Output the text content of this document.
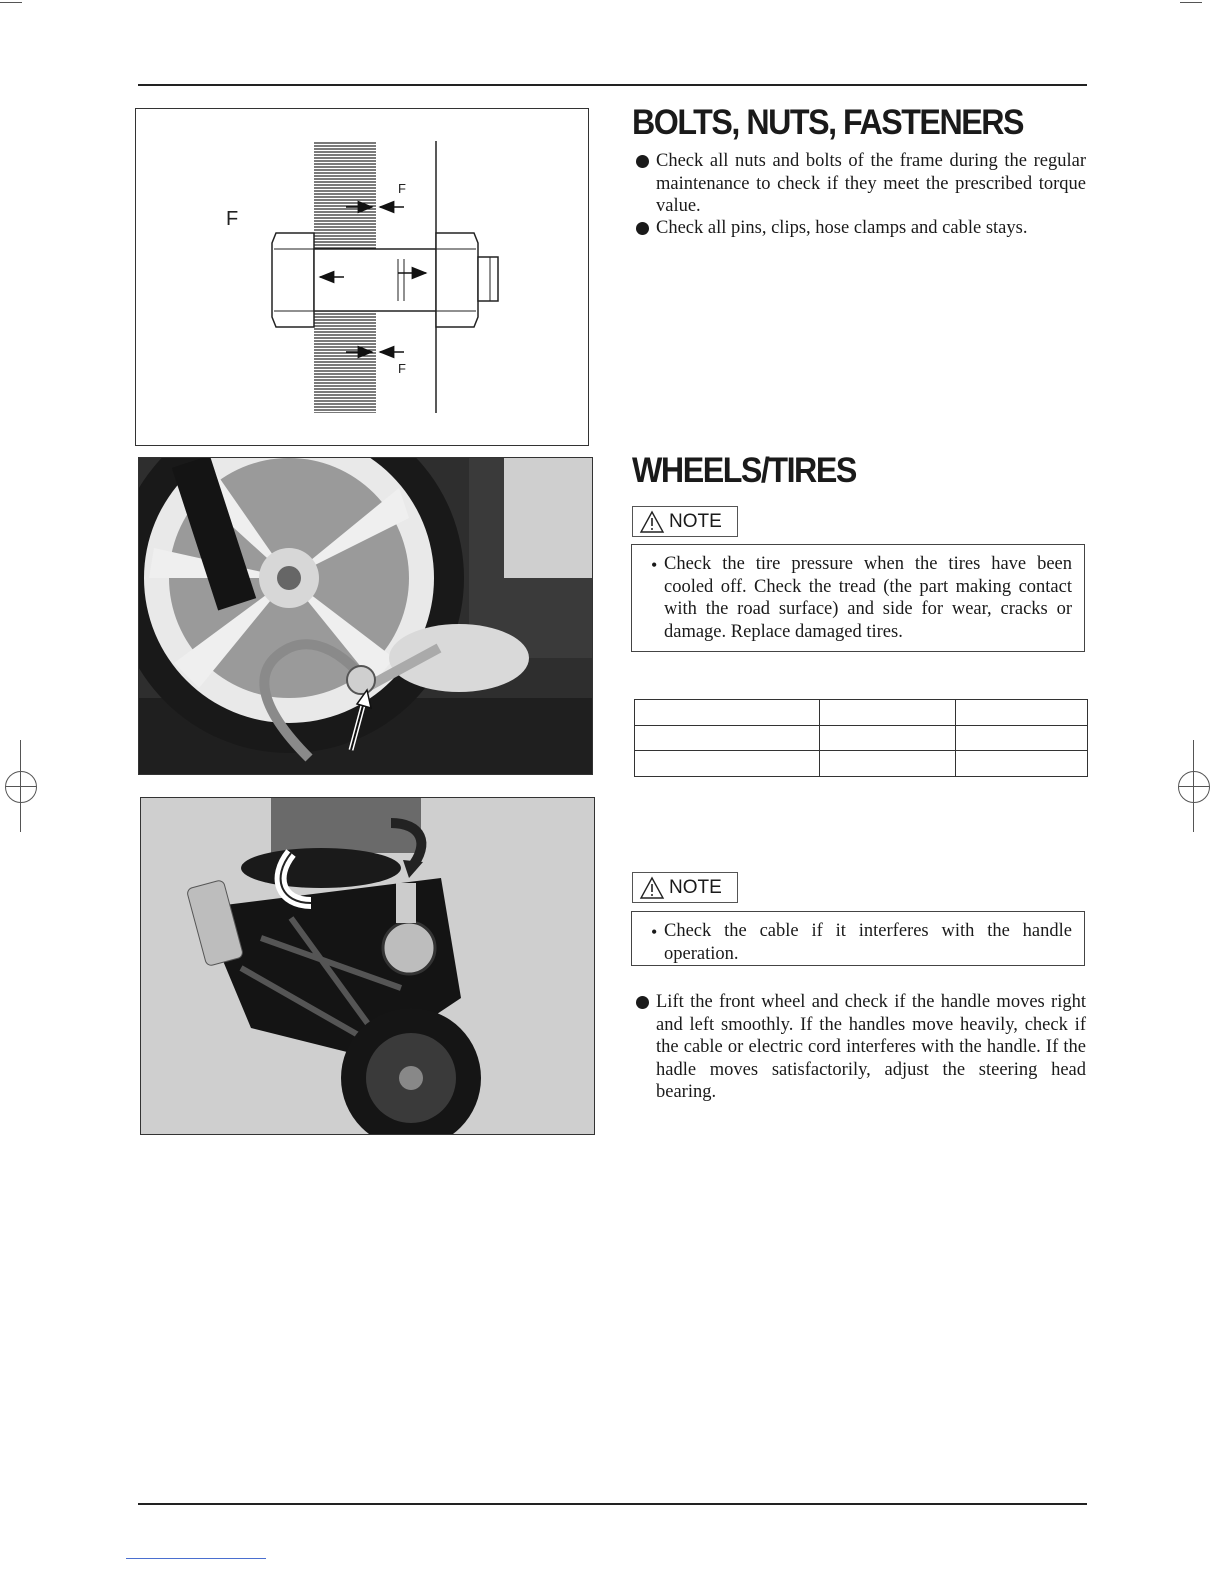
F
F
F
BOLTS, NUTS, FASTENERS
Check all nuts and bolts of the frame during the regular maintenance to check if they meet the prescribed torque value.
Check all pins, clips, hose clamps and cable stays.
WHEELS/TIRES
NOTE
• Check the tire pressure when the tires have been cooled off. Check the tread (the part making contact with the road surface) and side for wear, cracks or damage. Replace damaged tires.

NOTE
• Check the cable if it interferes with the handle operation.
Lift the front wheel and check if the handle moves right and left smoothly. If the handles move heavily, check if the cable or electric cord interferes with the handle. If the hadle moves satisfactorily, adjust the steering head bearing.
